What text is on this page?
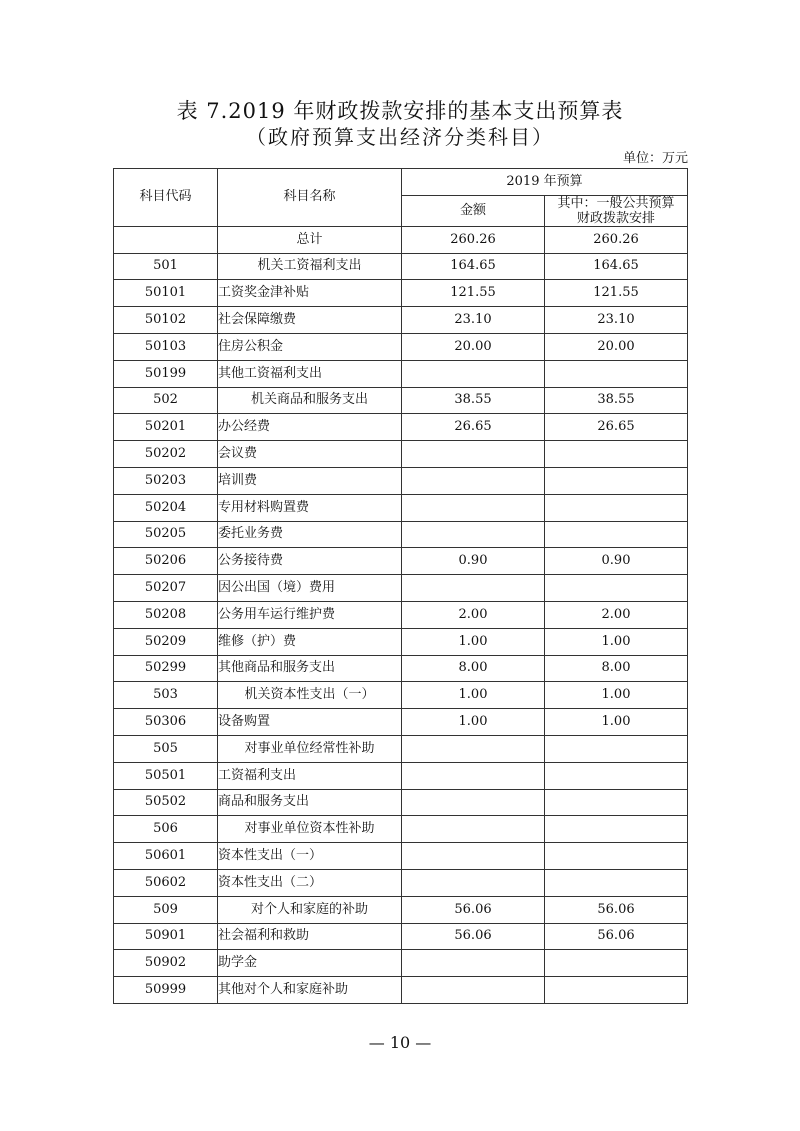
表 7.2019 年财政拨款安排的基本支出预算表
（政府预算支出经济分类科目）
单位：万元
科目代码	科目名称	2019 年预算	
		金额	其中：一般公共预算财政拨款安排
	总计	260.26	260.26
501	机关工资福利支出	164.65	164.65
50101	工资奖金津补贴	121.55	121.55
50102	社会保障缴费	23.10	23.10
50103	住房公积金	20.00	20.00
50199	其他工资福利支出		
502	机关商品和服务支出	38.55	38.55
50201	办公经费	26.65	26.65
50202	会议费		
50203	培训费		
50204	专用材料购置费		
50205	委托业务费		
50206	公务接待费	0.90	0.90
50207	因公出国（境）费用		
50208	公务用车运行维护费	2.00	2.00
50209	维修（护）费	1.00	1.00
50299	其他商品和服务支出	8.00	8.00
503	机关资本性支出（一）	1.00	1.00
50306	设备购置	1.00	1.00
505	对事业单位经常性补助		
50501	工资福利支出		
50502	商品和服务支出		
506	对事业单位资本性补助		
50601	资本性支出（一）		
50602	资本性支出（二）		
509	对个人和家庭的补助	56.06	56.06
50901	社会福利和救助	56.06	56.06
50902	助学金		
50999	其他对个人和家庭补助		
— 10 —
